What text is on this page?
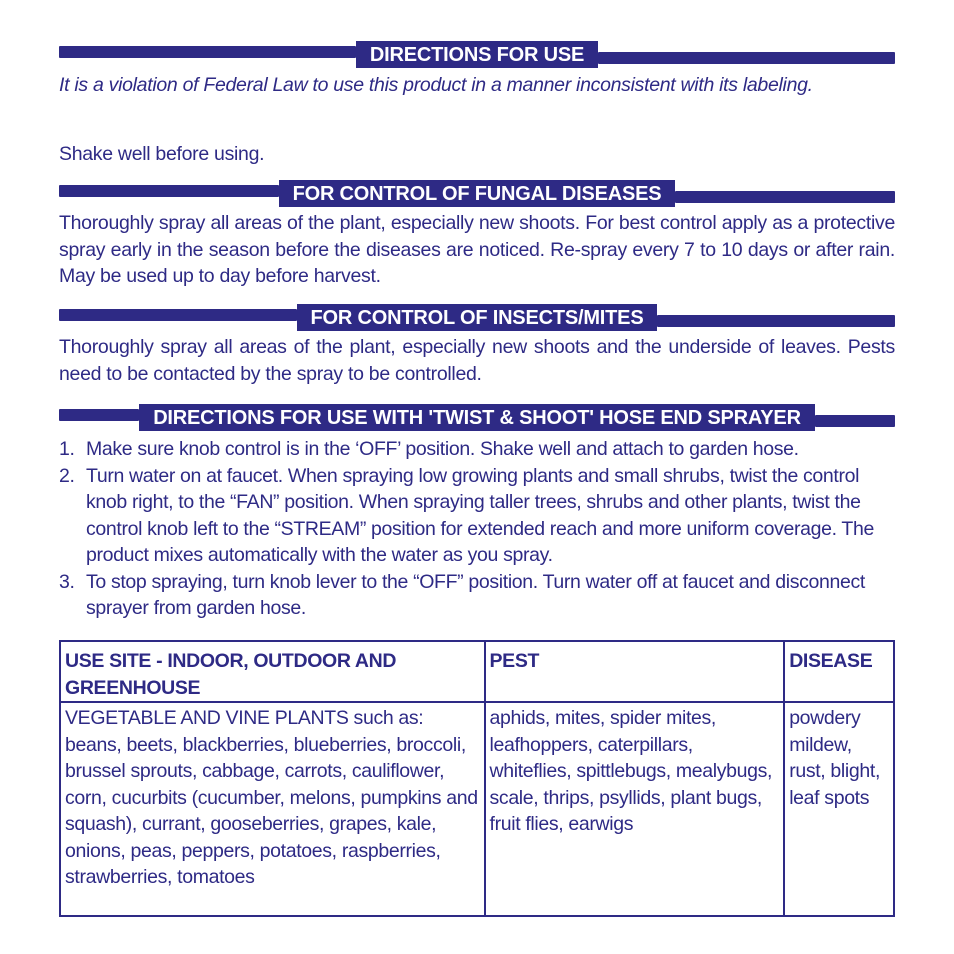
DIRECTIONS FOR USE

It is a violation of Federal Law to use this product in a manner inconsistent with its labeling.

Shake well before using.

FOR CONTROL OF FUNGAL DISEASES

Thoroughly spray all areas of the plant, especially new shoots. For best control apply as a protective spray early in the season before the diseases are noticed. Re-spray every 7 to 10 days or after rain. May be used up to day before harvest.

FOR CONTROL OF INSECTS/MITES

Thoroughly spray all areas of the plant, especially new shoots and the underside of leaves. Pests need to be contacted by the spray to be controlled.

DIRECTIONS FOR USE WITH 'TWIST & SHOOT' HOSE END SPRAYER
1. Make sure knob control is in the ‘OFF’ position. Shake well and attach to garden hose.
2. Turn water on at faucet. When spraying low growing plants and small shrubs, twist the control knob right, to the “FAN” position. When spraying taller trees, shrubs and other plants, twist the control knob left to the “STREAM” position for extended reach and more uniform coverage. The product mixes automatically with the water as you spray.
3. To stop spraying, turn knob lever to the “OFF” position. Turn water off at faucet and disconnect sprayer from garden hose.
USE SITE - INDOOR, OUTDOOR AND GREENHOUSE	PEST	DISEASE
VEGETABLE AND VINE PLANTS such as: beans, beets, blackberries, blueberries, broccoli, brussel sprouts, cabbage, carrots, cauliflower, corn, cucurbits (cucumber, melons, pumpkins and squash), currant, gooseberries, grapes, kale, onions, peas, peppers, potatoes, raspberries, strawberries, tomatoes	aphids, mites, spider mites, leafhoppers, caterpillars, whiteflies, spittlebugs, mealybugs, scale, thrips, psyllids, plant bugs, fruit flies, earwigs	powdery mildew, rust, blight, leaf spots
